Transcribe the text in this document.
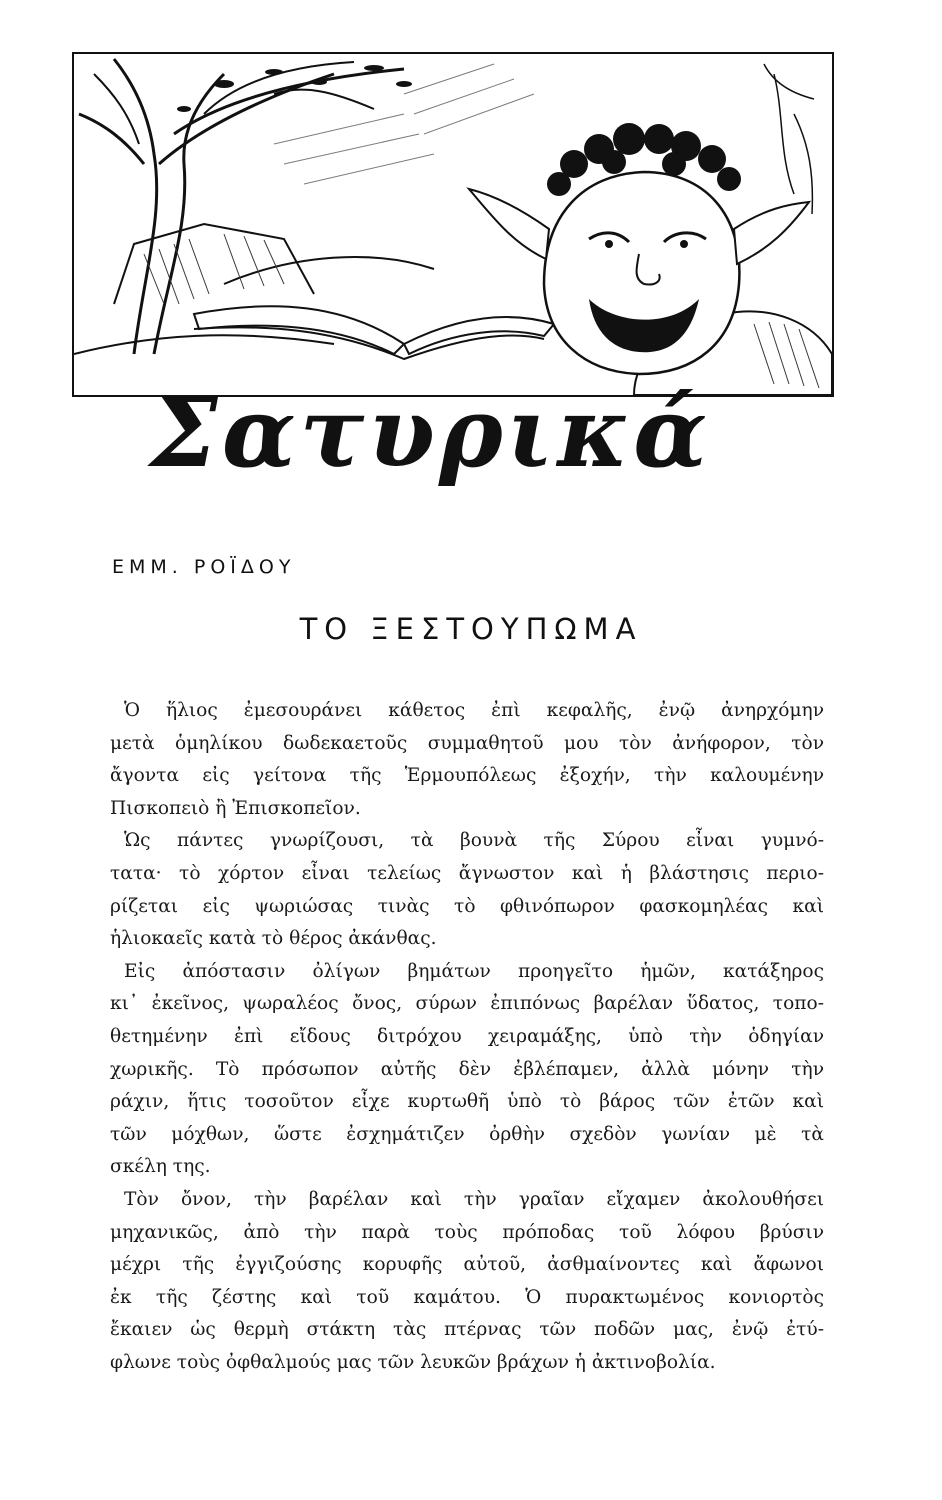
Σατυρικά
ΕΜΜ. ΡΟΪΔΟΥ
ΤΟ ΞΕΣΤΟΥΠΩΜΑ

Ὁ ἥλιος ἐμεσουράνει κάθετος ἐπὶ κεφαλῆς, ἐνῷ ἀνηρχόμην
μετὰ ὁμηλίκου δωδεκαετοῦς συμμαθητοῦ μου τὸν ἀνήφορον, τὸν
ἄγοντα εἰς γείτονα τῆς Ἑρμουπόλεως ἐξοχήν, τὴν καλουμένην
Πισκοπειὸ ἢ Ἐπισκοπεῖον.

Ὡς πάντες γνωρίζουσι, τὰ βουνὰ τῆς Σύρου εἶναι γυμνό-
τατα· τὸ χόρτον εἶναι τελείως ἄγνωστον καὶ ἡ βλάστησις περιο-
ρίζεται εἰς ψωριώσας τινὰς τὸ φθινόπωρον φασκομηλέας καὶ
ἡλιοκαεῖς κατὰ τὸ θέρος ἀκάνθας.

Εἰς ἀπόστασιν ὀλίγων βημάτων προηγεῖτο ἡμῶν, κατάξηρος
κι᾿ ἐκεῖνος, ψωραλέος ὄνος, σύρων ἐπιπόνως βαρέλαν ὕδατος, τοπο-
θετημένην ἐπὶ εἴδους διτρόχου χειραμάξης, ὑπὸ τὴν ὁδηγίαν
χωρικῆς. Τὸ πρόσωπον αὐτῆς δὲν ἐβλέπαμεν, ἀλλὰ μόνην τὴν
ράχιν, ἥτις τοσοῦτον εἶχε κυρτωθῆ ὑπὸ τὸ βάρος τῶν ἐτῶν καὶ
τῶν μόχθων, ὥστε ἐσχημάτιζεν ὀρθὴν σχεδὸν γωνίαν μὲ τὰ
σκέλη της.

Τὸν ὄνον, τὴν βαρέλαν καὶ τὴν γραῖαν εἴχαμεν ἀκολουθήσει
μηχανικῶς, ἀπὸ τὴν παρὰ τοὺς πρόποδας τοῦ λόφου βρύσιν
μέχρι τῆς ἐγγιζούσης κορυφῆς αὐτοῦ, ἀσθμαίνοντες καὶ ἄφωνοι
ἐκ τῆς ζέστης καὶ τοῦ καμάτου. Ὁ πυρακτωμένος κονιορτὸς
ἔκαιεν ὡς θερμὴ στάκτη τὰς πτέρνας τῶν ποδῶν μας, ἐνῷ ἐτύ-
φλωνε τοὺς ὀφθαλμούς μας τῶν λευκῶν βράχων ἡ ἀκτινοβολία.
